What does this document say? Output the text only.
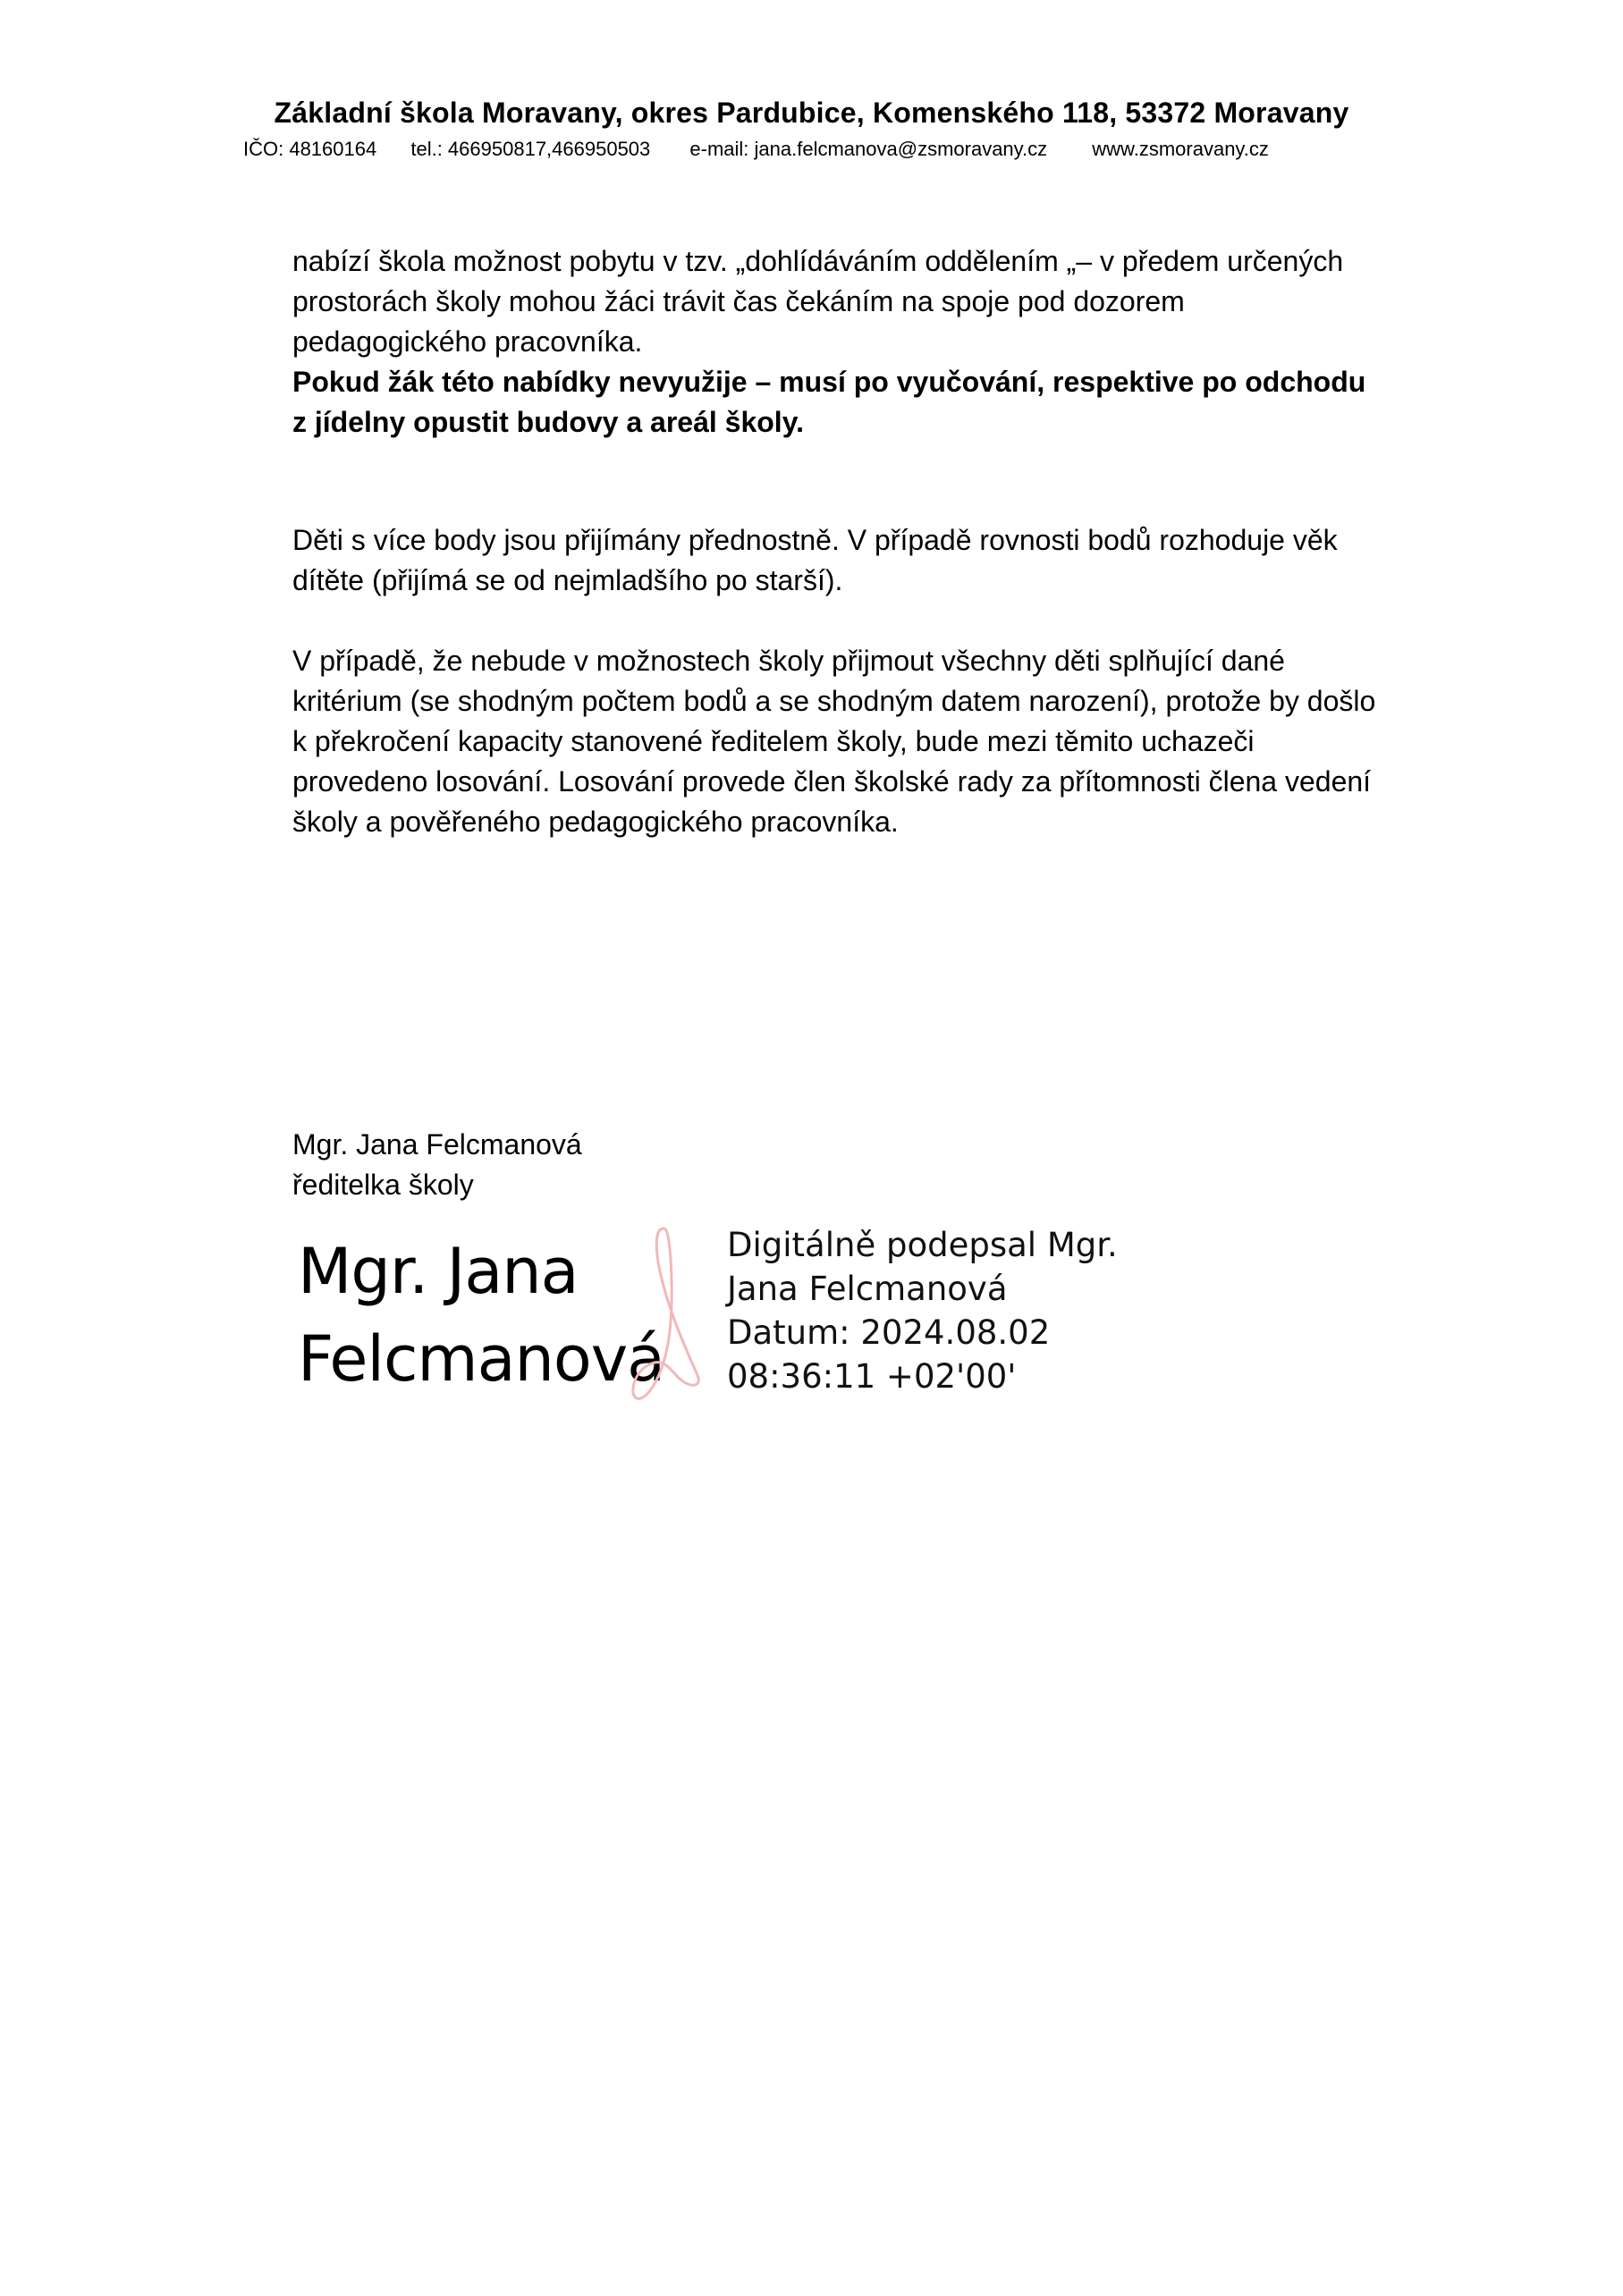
Základní škola Moravany, okres Pardubice, Komenského 118, 53372 Moravany
IČO: 48160164 tel.: 466950817,466950503 e-mail: jana.felcmanova@zsmoravany.cz www.zsmoravany.cz
nabízí škola možnost pobytu v tzv. „dohlídáváním oddělením „– v předem určených
prostorách školy mohou žáci trávit čas čekáním na spoje pod dozorem
pedagogického pracovníka.
Pokud žák této nabídky nevyužije – musí po vyučování, respektive po odchodu
z jídelny opustit budovy a areál školy.
Děti s více body jsou přijímány přednostně. V případě rovnosti bodů rozhoduje věk
dítěte (přijímá se od nejmladšího po starší).
V případě, že nebude v možnostech školy přijmout všechny děti splňující dané
kritérium (se shodným počtem bodů a se shodným datem narození), protože by došlo
k překročení kapacity stanovené ředitelem školy, bude mezi těmito uchazeči
provedeno losování. Losování provede člen školské rady za přítomnosti člena vedení
školy a pověřeného pedagogického pracovníka.
Mgr. Jana Felcmanová
ředitelka školy
Mgr. Jana
Felcmanová
Digitálně podepsal Mgr.
Jana Felcmanová
Datum: 2024.08.02
08:36:11 +02'00'
